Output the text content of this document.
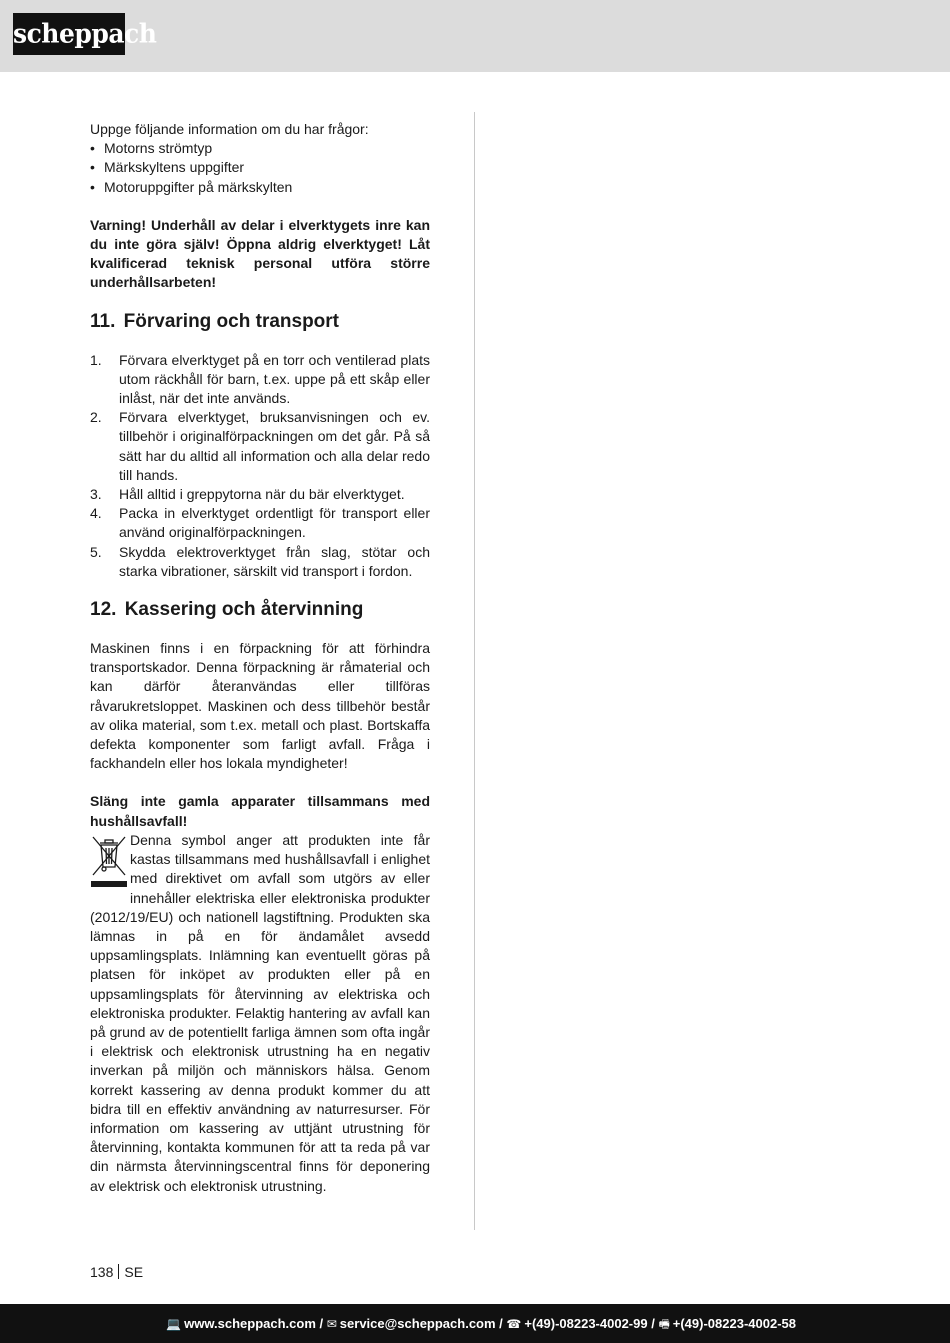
scheppach

Uppge följande information om du har frågor:

• Motorns strömtyp
• Märkskyltens uppgifter
• Motoruppgifter på märkskylten

Varning! Underhåll av delar i elverktygets inre kan du inte göra själv! Öppna aldrig elverktyget! Låt kvalificerad teknisk personal utföra större underhållsarbeten!

11. Förvaring och transport
1. Förvara elverktyget på en torr och ventilerad plats utom räckhåll för barn, t.ex. uppe på ett skåp eller inlåst, när det inte används.
2. Förvara elverktyget, bruksanvisningen och ev. tillbehör i originalförpackningen om det går. På så sätt har du alltid all information och alla delar redo till hands.
3. Håll alltid i greppytorna när du bär elverktyget.
4. Packa in elverktyget ordentligt för transport eller använd originalförpackningen.
5. Skydda elektroverktyget från slag, stötar och starka vibrationer, särskilt vid transport i fordon.
12. Kassering och återvinning

Maskinen finns i en förpackning för att förhindra transportskador. Denna förpackning är råmaterial och kan därför återanvändas eller tillföras råvarukretsloppet. Maskinen och dess tillbehör består av olika material, som t.ex. metall och plast. Bortskaffa defekta komponenter som farligt avfall. Fråga i fackhandeln eller hos lokala myndigheter!

Släng inte gamla apparater tillsammans med hushållsavfall!

Denna symbol anger att produkten inte får kastas tillsammans med hushållsavfall i enlighet med direktivet om avfall som utgörs av eller innehåller elektriska eller elektroniska produkter (2012/19/EU) och nationell lagstiftning. Produkten ska lämnas in på en för ändamålet avsedd uppsamlingsplats. Inlämning kan eventuellt göras på platsen för inköpet av produkten eller på en uppsamlingsplats för återvinning av elektriska och elektroniska produkter. Felaktig hantering av avfall kan på grund av de potentiellt farliga ämnen som ofta ingår i elektrisk och elektronisk utrustning ha en negativ inverkan på miljön och människors hälsa. Genom korrekt kassering av denna produkt kommer du att bidra till en effektiv användning av naturresurser. För information om kassering av uttjänt utrustning för återvinning, kontakta kommunen för att ta reda på var din närmsta återvinningscentral finns för deponering av elektrisk och elektronisk utrustning.

138 SE
💻 www.scheppach.com / ✉ service@scheppach.com / ☎ +(49)-08223-4002-99 / 🖷 +(49)-08223-4002-58
